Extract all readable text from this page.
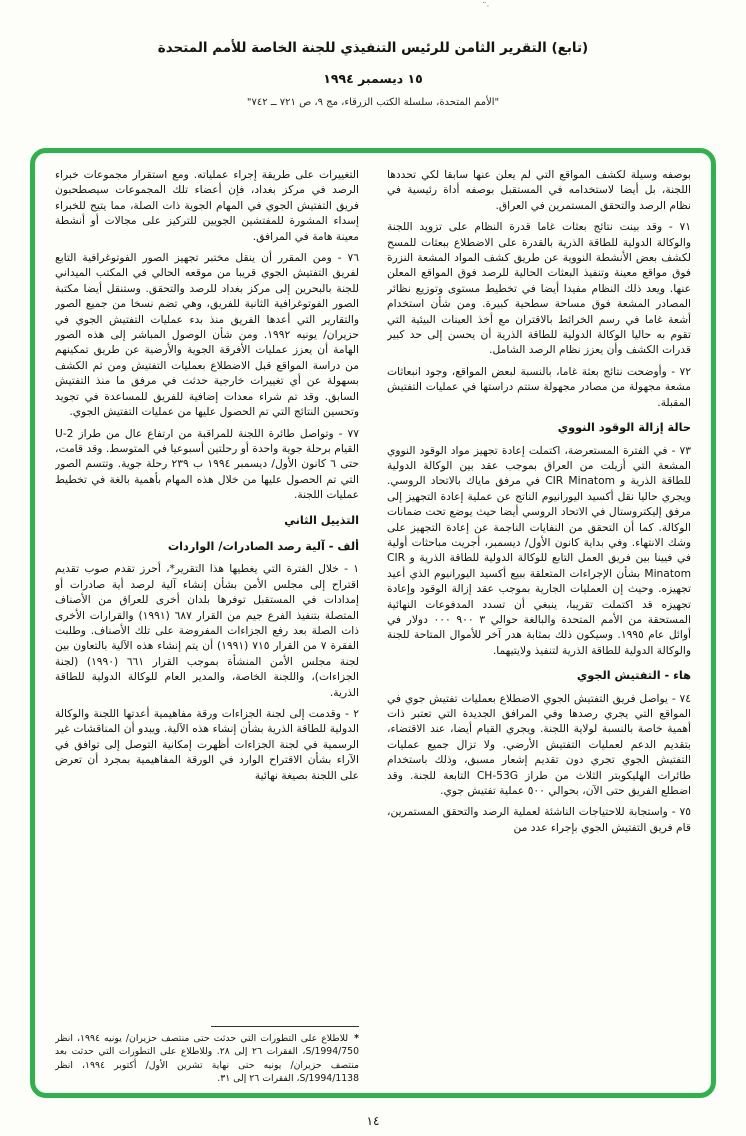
·¨
(تابع) التقرير الثامن للرئيس التنفيذي للجنة الخاصة للأمم المتحدة
١٥ ديسمبر ١٩٩٤
"الأمم المتحدة، سلسلة الكتب الزرقاء، مج ٩، ص ٧٢١ ــ ٧٤٢"

بوصفه وسيلة لكشف المواقع التي لم يعلن عنها سابقا لكي تحددها اللجنة، بل أيضا لاستخدامه في المستقبل بوصفه أداة رئيسية في نظام الرصد والتحقق المستمرين في العراق.

٧١ - وقد بينت نتائج بعثات غاما قدرة النظام على تزويد اللجنة والوكالة الدولية للطاقة الذرية بالقدرة على الاضطلاع ببعثات للمسح لكشف بعض الأنشطة النووية عن طريق كشف المواد المشعة النزرة فوق مواقع معينة وتنفيذ البعثات الحالية للرصد فوق المواقع المعلن عنها. ويعد ذلك النظام مفيدا أيضا في تخطيط مستوى وتوزيع نظائر المصادر المشعة فوق مساحة سطحية كبيرة. ومن شأن استخدام أشعة غاما في رسم الخرائط بالاقتران مع أخذ العينات البيئية التي تقوم به حاليا الوكالة الدولية للطاقة الذرية أن يحسن إلى حد كبير قدرات الكشف وأن يعزز نظام الرصد الشامل.

٧٢ - وأوضحت نتائج بعثة غاما، بالنسبة لبعض المواقع، وجود انبعاثات مشعة مجهولة من مصادر مجهولة ستتم دراستها في عمليات التفتيش المقبلة.

حالة إزالة الوقود النووي

٧٣ - في الفترة المستعرضة، اكتملت إعادة تجهيز مواد الوقود النووي المشعة التي أزيلت من العراق بموجب عقد بين الوكالة الدولية للطاقة الذرية و CIR Minatom في مرفق ماياك بالاتحاد الروسي. ويجري حاليا نقل أكسيد اليورانيوم الناتج عن عملية إعادة التجهيز إلى مرفق إليكتروستال في الاتحاد الروسي أيضا حيث يوضع تحت ضمانات الوكالة. كما أن التحقق من النفايات الناجمة عن إعادة التجهيز على وشك الانتهاء. وفي بداية كانون الأول/ ديسمبر، أجريت مباحثات أولية في فيينا بين فريق العمل التابع للوكالة الدولية للطاقة الذرية و CIR Minatom بشأن الإجراءات المتعلقة ببيع أكسيد اليورانيوم الذي أعيد تجهيزه. وحيث إن العمليات الجارية بموجب عقد إزالة الوقود وإعادة تجهيزه قد اكتملت تقريبا، ينبغي أن تسدد المدفوعات النهائية المستحقة من الأمم المتحدة والبالغة حوالي ٣ ٩٠٠ ٠٠٠ دولار في أوائل عام ١٩٩٥. وسيكون ذلك بمثابة هدر آخر للأموال المتاحة للجنة والوكالة الدولية للطاقة الذرية لتنفيذ ولايتيهما.

هاء - التفتيش الجوي

٧٤ - يواصل فريق التفتيش الجوي الاضطلاع بعمليات تفتيش جوي في المواقع التي يجري رصدها وفي المرافق الجديدة التي تعتبر ذات أهمية خاصة بالنسبة لولاية اللجنة. ويجري القيام أيضا، عند الاقتضاء، بتقديم الدعم لعمليات التفتيش الأرضي. ولا تزال جميع عمليات التفتيش الجوي تجري دون تقديم إشعار مسبق، وذلك باستخدام طائرات الهليكوبتر الثلاث من طراز CH-53G التابعة للجنة. وقد اضطلع الفريق حتى الآن، بحوالي ٥٠٠ عملية تفتيش جوي.

٧٥ - واستجابة للاحتياجات الناشئة لعملية الرصد والتحقق المستمرين، قام فريق التفتيش الجوي بإجراء عدد من

التغييرات على طريقة إجراء عملياته. ومع استقرار مجموعات خبراء الرصد في مركز بغداد، فإن أعضاء تلك المجموعات سيصطحبون فريق التفتيش الجوي في المهام الجوية ذات الصلة، مما يتيح للخبراء إسداء المشورة للمفتشين الجويين للتركيز على مجالات أو أنشطة معينة هامة في المرافق.

٧٦ - ومن المقرر أن ينقل مختبر تجهيز الصور الفوتوغرافية التابع لفريق التفتيش الجوي قريبا من موقعه الحالي في المكتب الميداني للجنة بالبحرين إلى مركز بغداد للرصد والتحقق. وستنقل أيضا مكتبة الصور الفوتوغرافية الثانية للفريق، وهي تضم نسخا من جميع الصور والتقارير التي أعدها الفريق منذ بدء عمليات التفتيش الجوي في حزيران/ يونيه ١٩٩٢. ومن شأن الوصول المباشر إلى هذه الصور الهامة أن يعزز عمليات الأفرقة الجوية والأرضية عن طريق تمكينهم من دراسة المواقع قبل الاضطلاع بعمليات التفتيش ومن ثم الكشف بسهولة عن أي تغييرات خارجية حدثت في مرفق ما منذ التفتيش السابق. وقد تم شراء معدات إضافية للفريق للمساعدة في تجويد وتحسين النتائج التي تم الحصول عليها من عمليات التفتيش الجوي.

٧٧ - وتواصل طائرة اللجنة للمراقبة من ارتفاع عال من طراز U-2 القيام برحلة جوية واحدة أو رحلتين أسبوعيا في المتوسط. وقد قامت، حتى ٦ كانون الأول/ ديسمبر ١٩٩٤ ب ٢٣٩ رحلة جوية. وتتسم الصور التي تم الحصول عليها من خلال هذه المهام بأهمية بالغة في تخطيط عمليات اللجنة.

التذييل الثاني
ألف - آلية رصد الصادرات/ الواردات

١ - خلال الفترة التي يغطيها هذا التقرير*، أحرز تقدم صوب تقديم اقتراح إلى مجلس الأمن بشأن إنشاء آلية لرصد أية صادرات أو إمدادات في المستقبل توفرها بلدان أخرى للعراق من الأصناف المتصلة بتنفيذ الفرع جيم من القرار ٦٨٧ (١٩٩١) والقرارات الأخرى ذات الصلة بعد رفع الجزاءات المفروضة على تلك الأصناف. وطلبت الفقرة ٧ من القرار ٧١٥ (١٩٩١) أن يتم إنشاء هذه الآلية بالتعاون بين لجنة مجلس الأمن المنشأة بموجب القرار ٦٦١ (١٩٩٠) (لجنة الجزاءات)، واللجنة الخاصة، والمدير العام للوكالة الدولية للطاقة الذرية.

٢ - وقدمت إلى لجنة الجزاءات ورقة مفاهيمية أعدتها اللجنة والوكالة الدولية للطاقة الذرية بشأن إنشاء هذه الآلية. ويبدو أن المناقشات غير الرسمية في لجنة الجزاءات أظهرت إمكانية التوصل إلى توافق في الآراء بشأن الاقتراح الوارد في الورقة المفاهيمية بمجرد أن تعرض على اللجنة بصيغة نهائية

*للاطلاع على التطورات التي حدثت حتى منتصف حزيران/ يونيه ١٩٩٤، انظر S/1994/750، الفقرات ٢٦ إلى ٢٨. وللاطلاع على التطورات التي حدثت بعد منتصف حزيران/ يونيه حتى نهاية تشرين الأول/ أكتوبر ١٩٩٤، انظر S/1994/1138، الفقرات ٢٦ إلى ٣١.

١٤
